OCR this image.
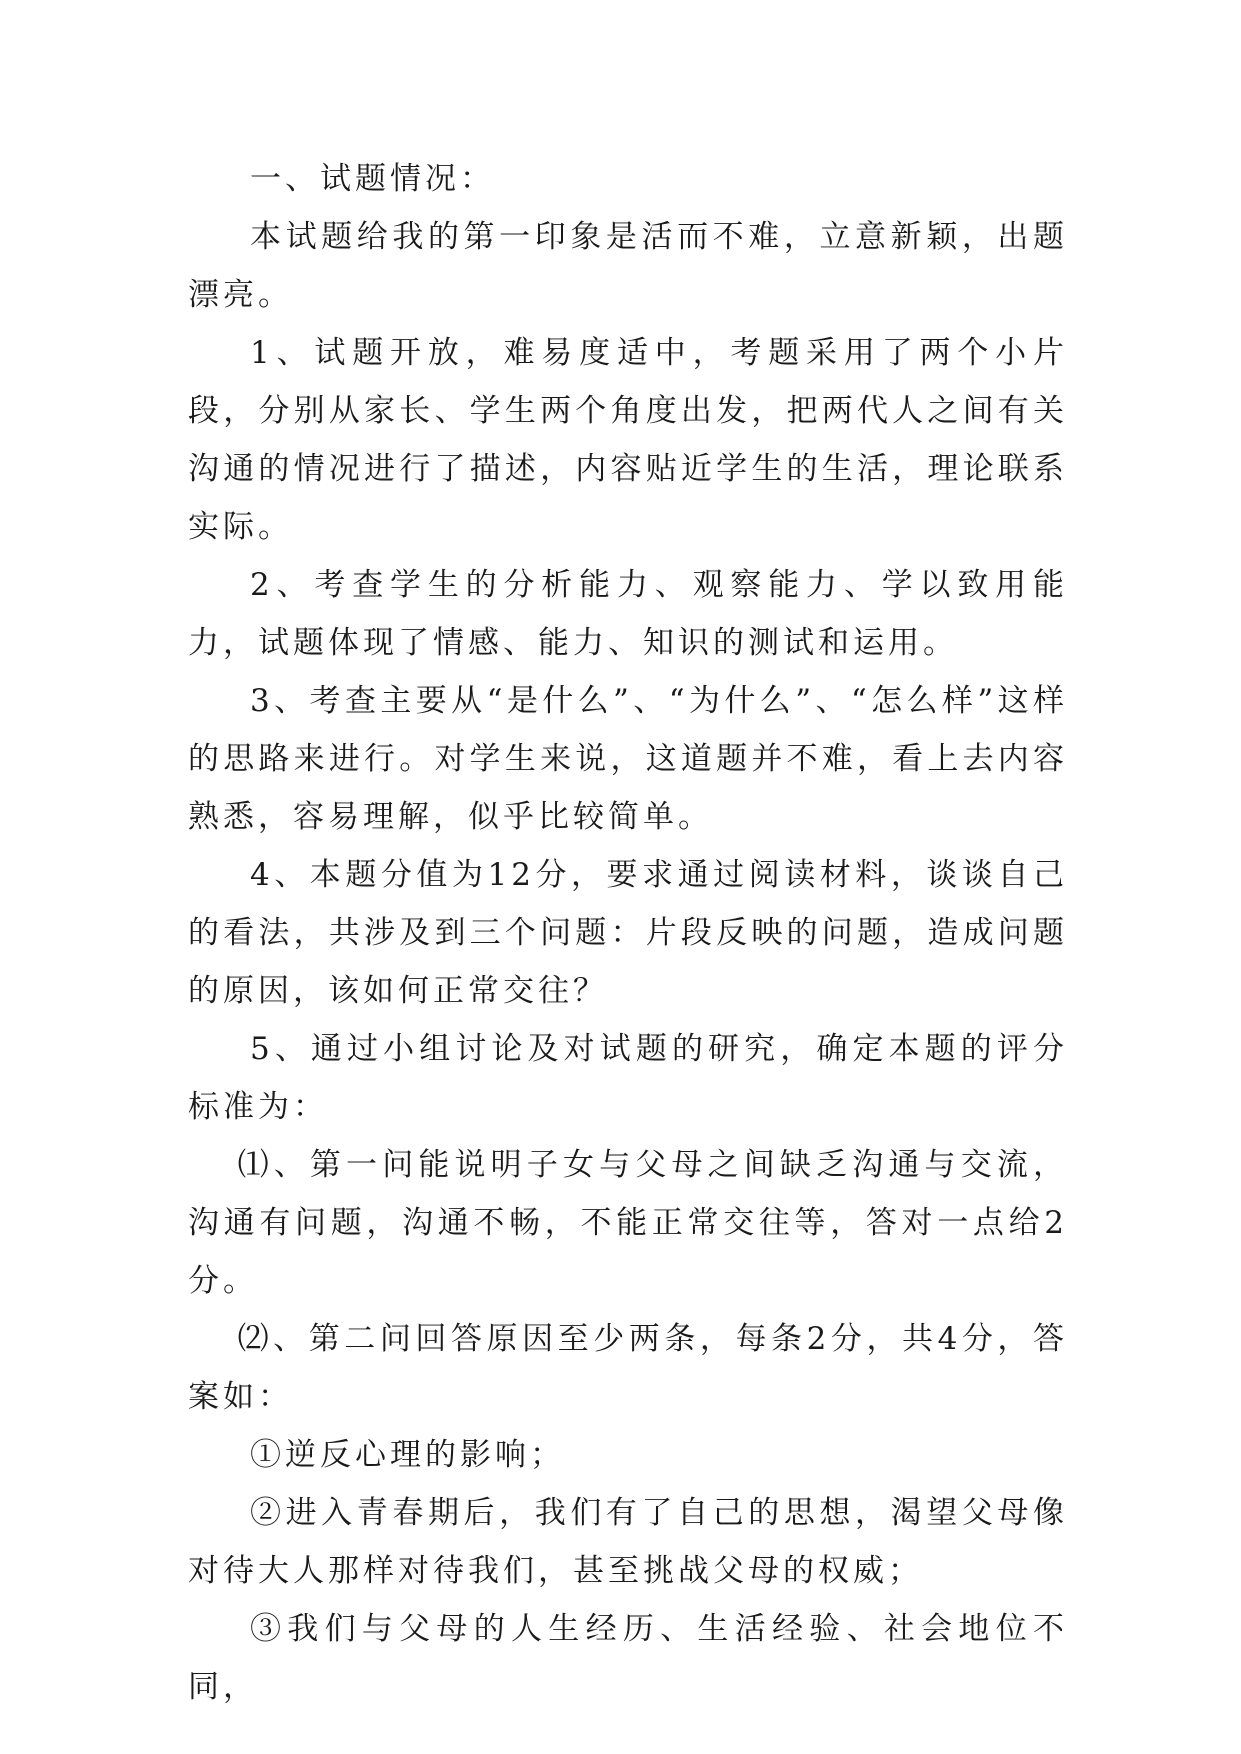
一、试题情况：

本试题给我的第一印象是活而不难，立意新颖，出题漂亮。

1、试题开放，难易度适中，考题采用了两个小片段，分别从家长、学生两个角度出发，把两代人之间有关沟通的情况进行了描述，内容贴近学生的生活，理论联系实际。

2、考查学生的分析能力、观察能力、学以致用能力，试题体现了情感、能力、知识的测试和运用。

3、考查主要从“是什么”、“为什么”、“怎么样”这样的思路来进行。对学生来说，这道题并不难，看上去内容熟悉，容易理解，似乎比较简单。

4、本题分值为12分，要求通过阅读材料，谈谈自己的看法，共涉及到三个问题：片段反映的问题，造成问题的原因，该如何正常交往？

5、通过小组讨论及对试题的研究，确定本题的评分标准为：

⑴、第一问能说明子女与父母之间缺乏沟通与交流，沟通有问题，沟通不畅，不能正常交往等，答对一点给2分。

⑵、第二问回答原因至少两条，每条2分，共4分，答案如：

①逆反心理的影响；

②进入青春期后，我们有了自己的思想，渴望父母像对待大人那样对待我们，甚至挑战父母的权威；

③我们与父母的人生经历、生活经验、社会地位不同，
